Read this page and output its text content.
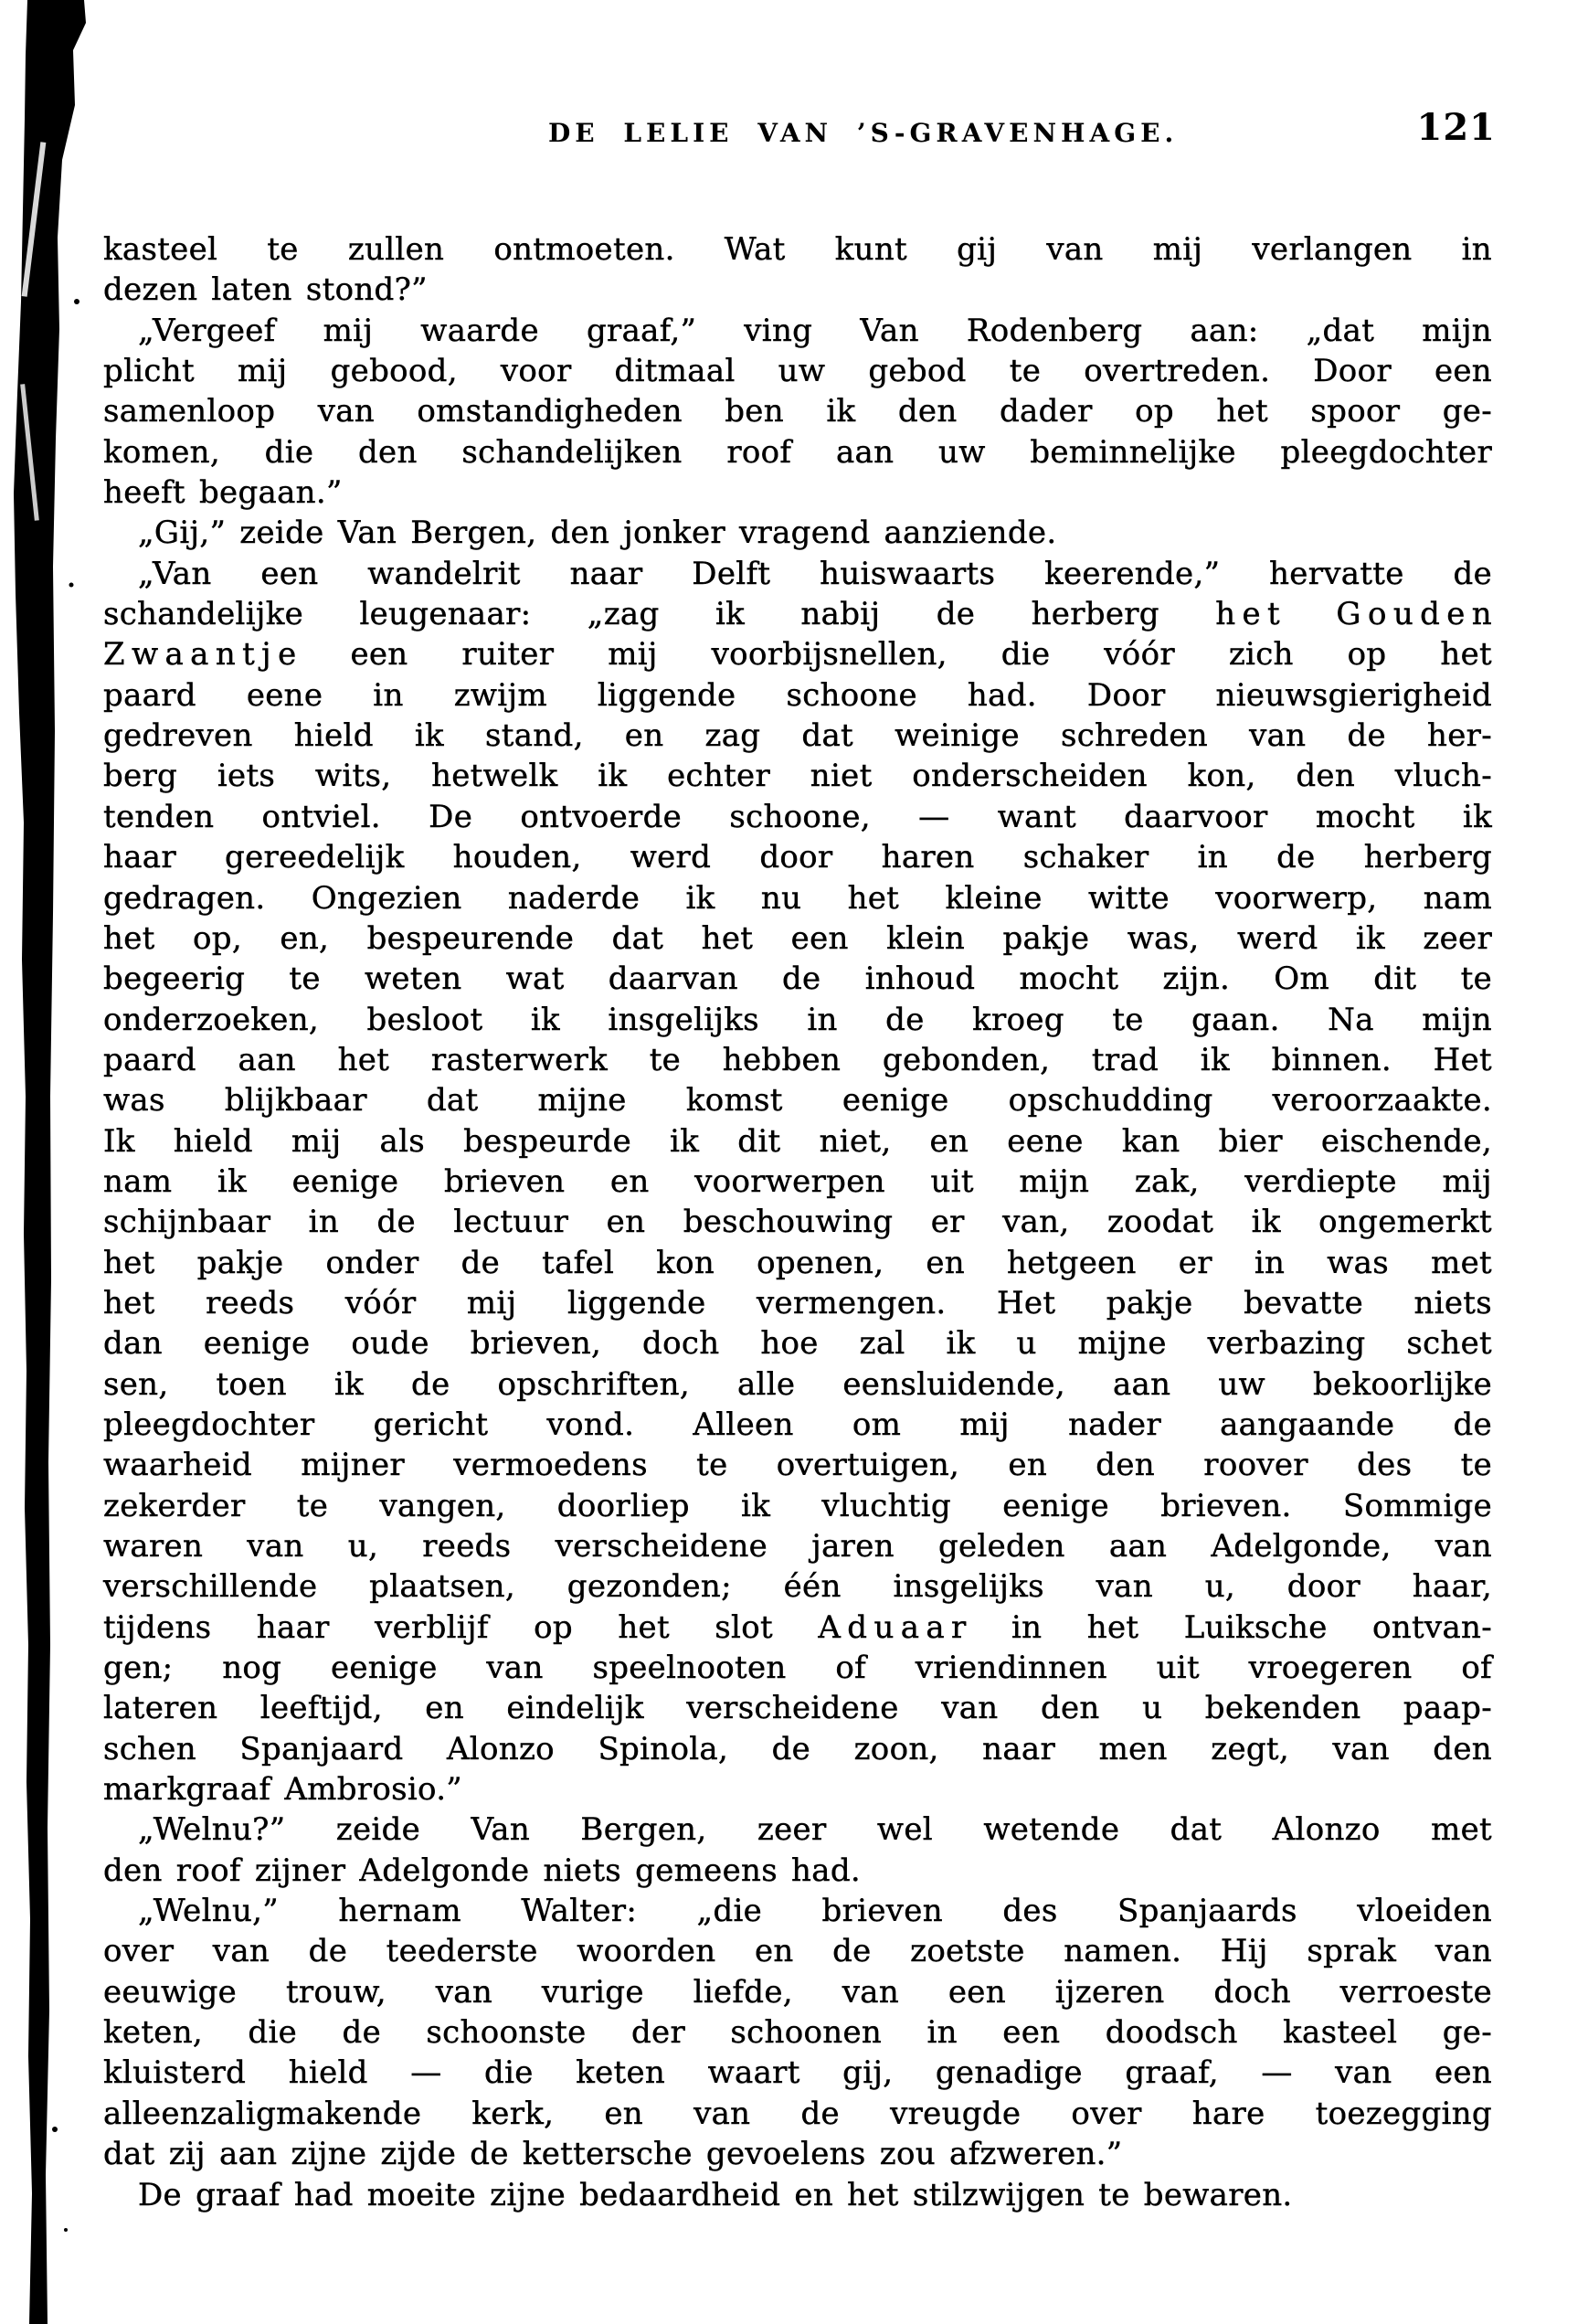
DE LELIE VAN ’S-GRAVENHAGE.	121
kasteel te zullen ontmoeten. Wat kunt gij van mij verlangen in
dezen laten stond?”
„Vergeef mij waarde graaf,” ving Van Rodenberg aan: „dat mijn
plicht mij gebood, voor ditmaal uw gebod te overtreden. Door een
samenloop van omstandigheden ben ik den dader op het spoor ge-
komen, die den schandelijken roof aan uw beminnelijke pleegdochter
heeft begaan.”
„Gij,” zeide Van Bergen, den jonker vragend aanziende.
„Van een wandelrit naar Delft huiswaarts keerende,” hervatte de
schandelijke leugenaar: „zag ik nabij de herberg h e t G o u d e n
Z w a a n t j e een ruiter mij voorbijsnellen, die vóór zich op het
paard eene in zwijm liggende schoone had. Door nieuwsgierigheid
gedreven hield ik stand, en zag dat weinige schreden van de her-
berg iets wits, hetwelk ik echter niet onderscheiden kon, den vluch-
tenden ontviel. De ontvoerde schoone, — want daarvoor mocht ik
haar gereedelijk houden, werd door haren schaker in de herberg
gedragen. Ongezien naderde ik nu het kleine witte voorwerp, nam
het op, en, bespeurende dat het een klein pakje was, werd ik zeer
begeerig te weten wat daarvan de inhoud mocht zijn. Om dit te
onderzoeken, besloot ik insgelijks in de kroeg te gaan. Na mijn
paard aan het rasterwerk te hebben gebonden, trad ik binnen. Het
was blijkbaar dat mijne komst eenige opschudding veroorzaakte.
Ik hield mij als bespeurde ik dit niet, en eene kan bier eischende,
nam ik eenige brieven en voorwerpen uit mijn zak, verdiepte mij
schijnbaar in de lectuur en beschouwing er van, zoodat ik ongemerkt
het pakje onder de tafel kon openen, en hetgeen er in was met
het reeds vóór mij liggende vermengen. Het pakje bevatte niets
dan eenige oude brieven, doch hoe zal ik u mijne verbazing schet
sen, toen ik de opschriften, alle eensluidende, aan uw bekoorlijke
pleegdochter gericht vond. Alleen om mij nader aangaande de
waarheid mijner vermoedens te overtuigen, en den roover des te
zekerder te vangen, doorliep ik vluchtig eenige brieven. Sommige
waren van u, reeds verscheidene jaren geleden aan Adelgonde, van
verschillende plaatsen, gezonden; één insgelijks van u, door haar,
tijdens haar verblijf op het slot A d u a a r in het Luiksche ontvan-
gen; nog eenige van speelnooten of vriendinnen uit vroegeren of
lateren leeftijd, en eindelijk verscheidene van den u bekenden paap-
schen Spanjaard Alonzo Spinola, de zoon, naar men zegt, van den
markgraaf Ambrosio.”
„Welnu?” zeide Van Bergen, zeer wel wetende dat Alonzo met
den roof zijner Adelgonde niets gemeens had.
„Welnu,” hernam Walter: „die brieven des Spanjaards vloeiden
over van de teederste woorden en de zoetste namen. Hij sprak van
eeuwige trouw, van vurige liefde, van een ijzeren doch verroeste
keten, die de schoonste der schoonen in een doodsch kasteel ge-
kluisterd hield — die keten waart gij, genadige graaf, — van een
alleenzaligmakende kerk, en van de vreugde over hare toezegging
dat zij aan zijne zijde de kettersche gevoelens zou afzweren.”
De graaf had moeite zijne bedaardheid en het stilzwijgen te bewaren.
